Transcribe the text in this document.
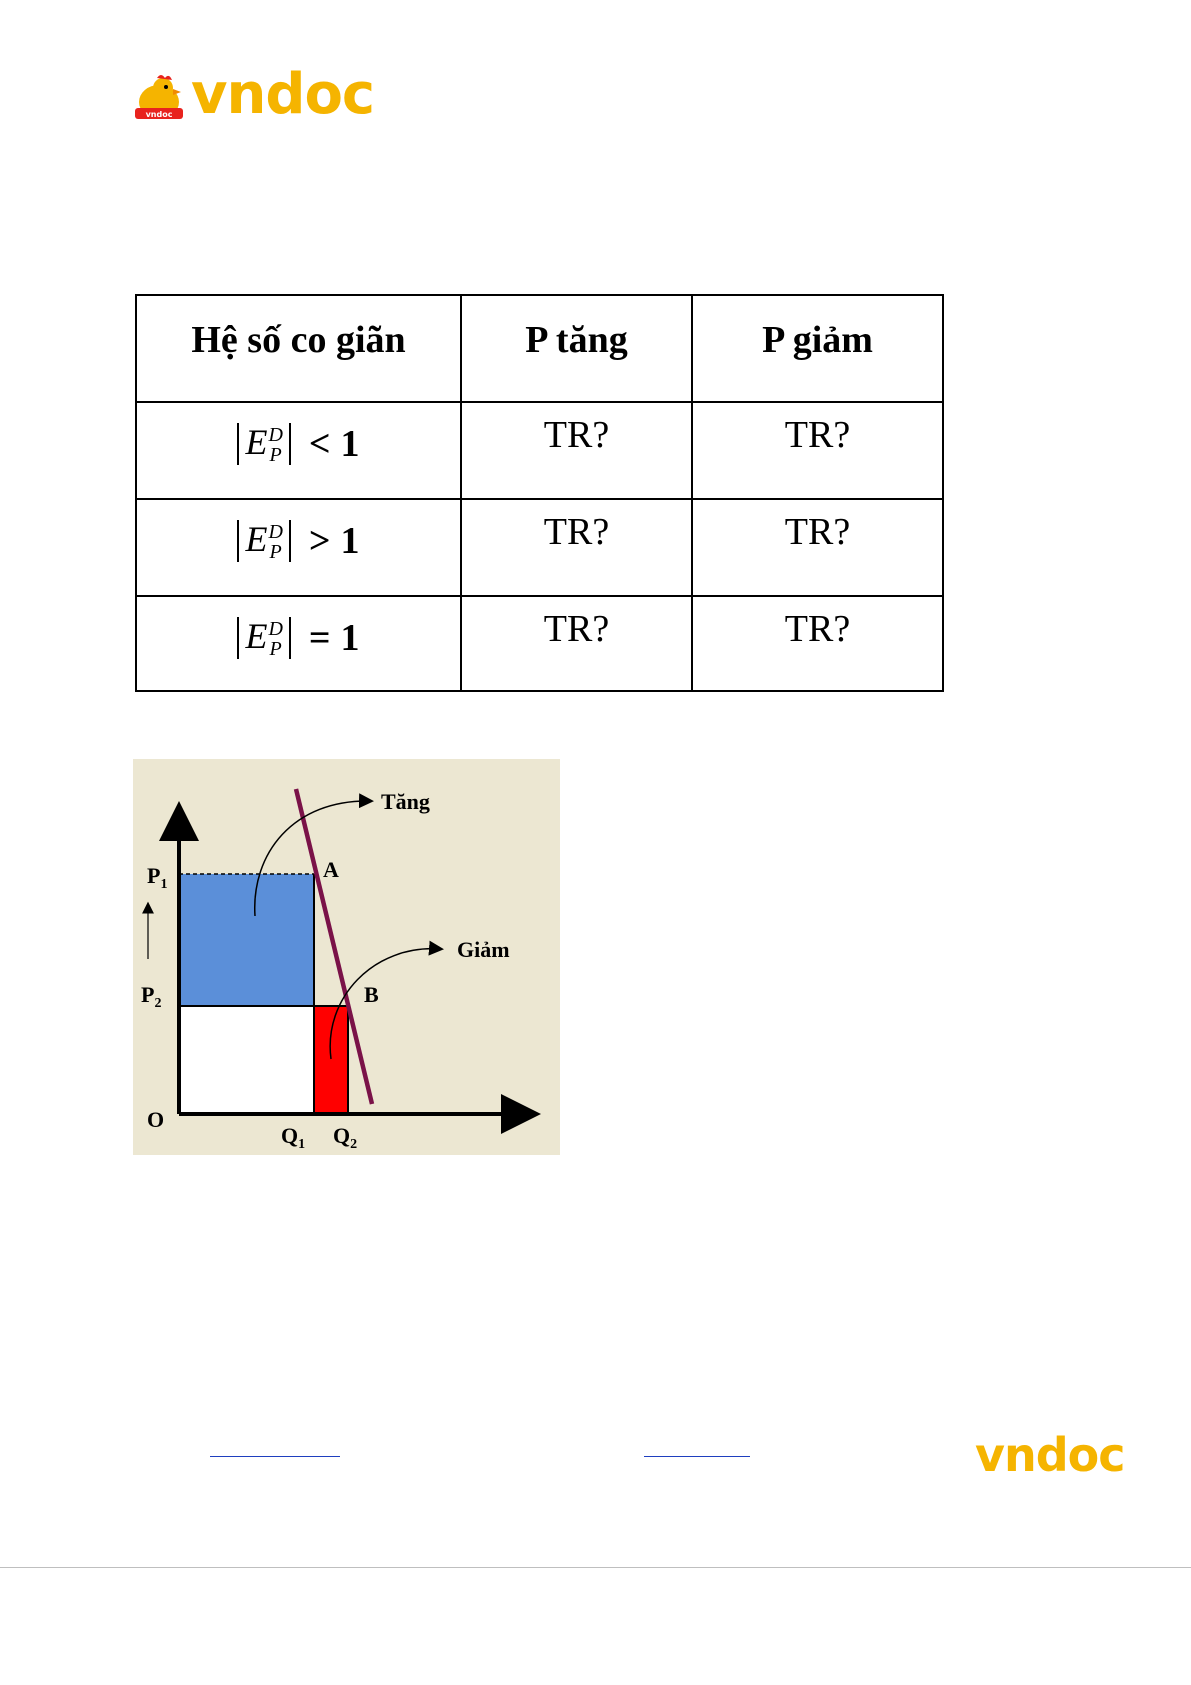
vndoc vndoc
Hệ số co giãn	P tăng	P giảm
E D
P < 1	TR?	TR?
E D
P > 1	TR?	TR?
E D
P = 1	TR?	TR?
Tăng
Giảm
A
B
O
$P_1$
$P_2$
$Q_1$ $Q_2$
vndoc
